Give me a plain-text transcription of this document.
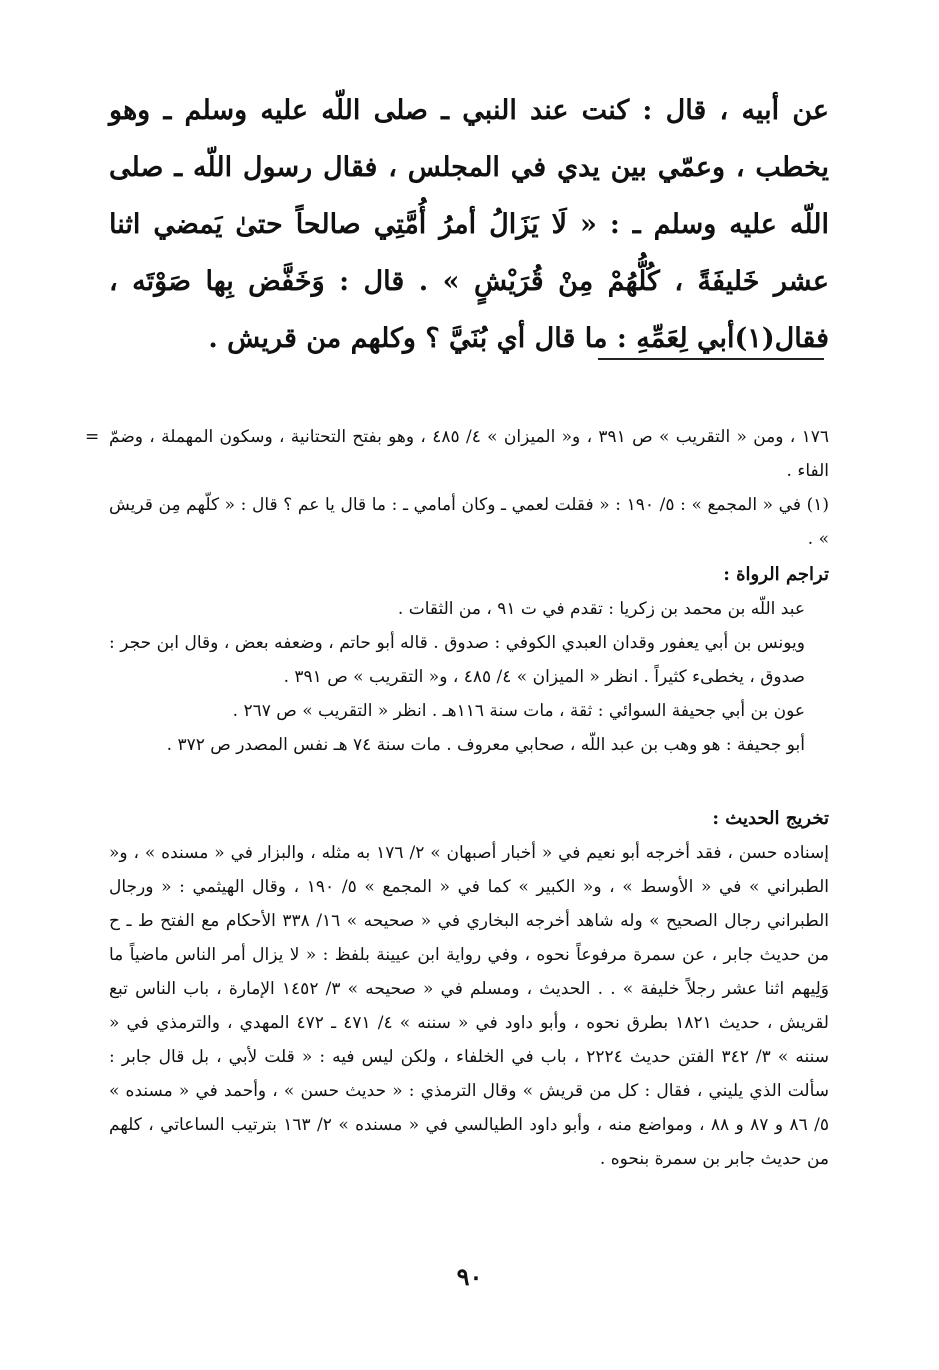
عن أبيه ، قال : كنت عند النبي ـ صلى اللّه عليه وسلم ـ وهو يخطب ، وعمّي بين يدي في المجلس ، فقال رسول اللّه ـ صلى اللّه عليه وسلم ـ : « لَا يَزَالُ أمرُ أُمَّتِي صالحاً حتىٰ يَمضي اثنا عشر خَليفَةً ، كُلُّهُمْ مِنْ قُرَيْشٍ » . قال : وَخَفَّض بِها صَوْتَه ، فقال(١)أبي لِعَمِّهِ : ما قال أي بُنَيَّ ؟ وكلهم من قريش .

= ١٧٦ ، ومن « التقريب » ص ٣٩١ ، و« الميزان » ٤/ ٤٨٥ ، وهو بفتح التحتانية ، وسكون المهملة ، وضمّ الفاء .

(١) في « المجمع » : ٥/ ١٩٠ : « فقلت لعمي ـ وكان أمامي ـ : ما قال يا عم ؟ قال : « كلّهم مِن قريش » .

تراجم الرواة :

عبد اللّه بن محمد بن زكريا : تقدم في ت ٩١ ، من الثقات .

ويونس بن أبي يعفور وقدان العبدي الكوفي : صدوق . قاله أبو حاتم ، وضعفه بعض ، وقال ابن حجر : صدوق ، يخطىء كثيراً . انظر « الميزان » ٤/ ٤٨٥ ، و« التقريب » ص ٣٩١ .

عون بن أبي جحيفة السوائي : ثقة ، مات سنة ١١٦هـ . انظر « التقريب » ص ٢٦٧ .

أبو جحيفة : هو وهب بن عبد اللّه ، صحابي معروف . مات سنة ٧٤ هـ نفس المصدر ص ٣٧٢ .

تخريج الحديث :

إسناده حسن ، فقد أخرجه أبو نعيم في « أخبار أصبهان » ٢/ ١٧٦ به مثله ، والبزار في « مسنده » ، و« الطبراني » في « الأوسط » ، و« الكبير » كما في « المجمع » ٥/ ١٩٠ ، وقال الهيثمي : « ورجال الطبراني رجال الصحيح » وله شاهد أخرجه البخاري في « صحيحه » ١٦/ ٣٣٨ الأحكام مع الفتح ط ـ ح من حديث جابر ، عن سمرة مرفوعاً نحوه ، وفي رواية ابن عيينة بلفظ : « لا يزال أمر الناس ماضياً ما وَلِيهم اثنا عشر رجلاً خليفة » . . الحديث ، ومسلم في « صحيحه » ٣/ ١٤٥٢ الإمارة ، باب الناس تبع لقريش ، حديث ١٨٢١ بطرق نحوه ، وأبو داود في « سننه » ٤/ ٤٧١ ـ ٤٧٢ المهدي ، والترمذي في « سننه » ٣/ ٣٤٢ الفتن حديث ٢٢٢٤ ، باب في الخلفاء ، ولكن ليس فيه : « قلت لأبي ، بل قال جابر : سألت الذي يليني ، فقال : كل من قريش » وقال الترمذي : « حديث حسن » ، وأحمد في « مسنده » ٥/ ٨٦ و ٨٧ و ٨٨ ، ومواضع منه ، وأبو داود الطيالسي في « مسنده » ٢/ ١٦٣ بترتيب الساعاتي ، كلهم من حديث جابر بن سمرة بنحوه .

٩٠
